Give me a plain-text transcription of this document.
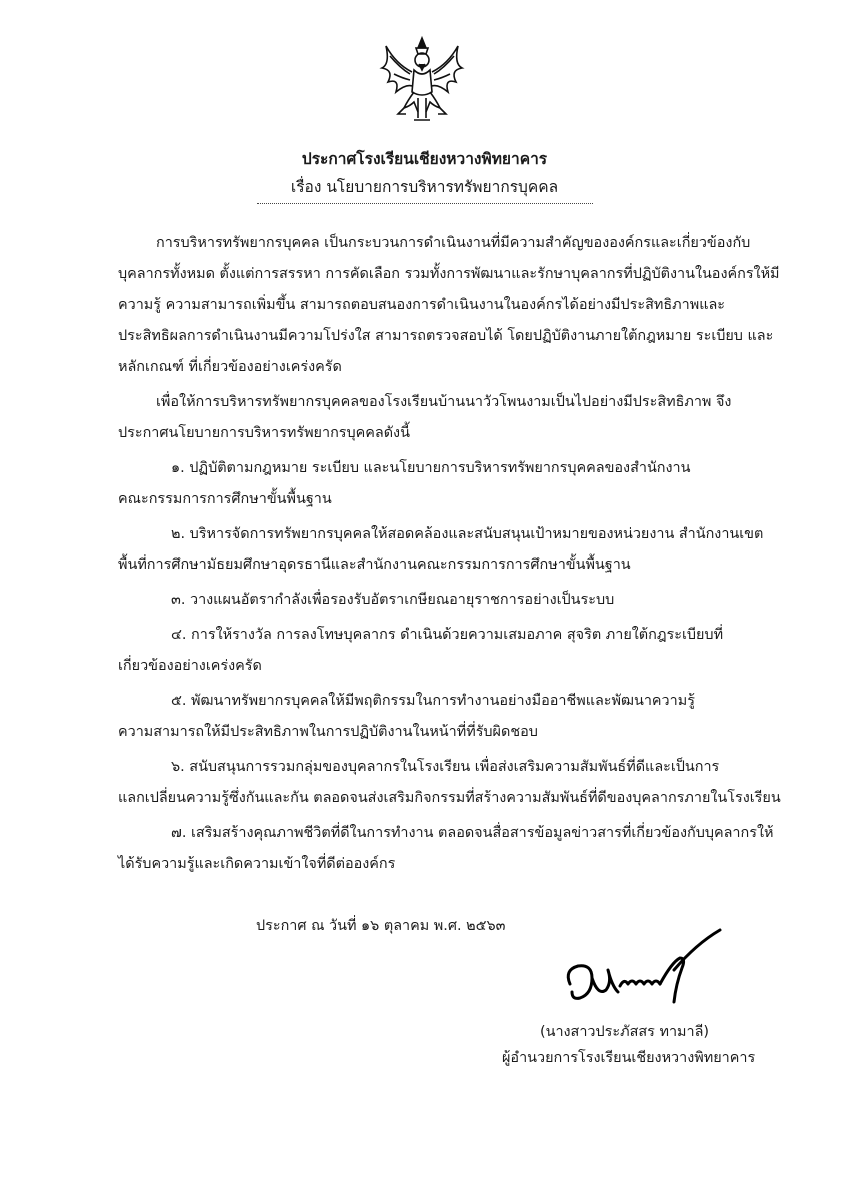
ประกาศโรงเรียนเชียงหวางพิทยาคาร
เรื่อง นโยบายการบริหารทรัพยากรบุคคล
การบริหารทรัพยากรบุคคล เป็นกระบวนการดำเนินงานที่มีความสำคัญขององค์กรและเกี่ยวข้องกับ
บุคลากรทั้งหมด ตั้งแต่การสรรหา การคัดเลือก รวมทั้งการพัฒนาและรักษาบุคลากรที่ปฏิบัติงานในองค์กรให้มี
ความรู้ ความสามารถเพิ่มขึ้น สามารถตอบสนองการดำเนินงานในองค์กรได้อย่างมีประสิทธิภาพและ
ประสิทธิผลการดำเนินงานมีความโปร่งใส สามารถตรวจสอบได้ โดยปฏิบัติงานภายใต้กฎหมาย ระเบียบ และ
หลักเกณฑ์ ที่เกี่ยวข้องอย่างเคร่งครัด
เพื่อให้การบริหารทรัพยากรบุคคลของโรงเรียนบ้านนาวัวโพนงามเป็นไปอย่างมีประสิทธิภาพ จึง
ประกาศนโยบายการบริหารทรัพยากรบุคคลดังนี้
๑. ปฏิบัติตามกฎหมาย ระเบียบ และนโยบายการบริหารทรัพยากรบุคคลของสำนักงาน
คณะกรรมการการศึกษาขั้นพื้นฐาน
๒. บริหารจัดการทรัพยากรบุคคลให้สอดคล้องและสนับสนุนเป้าหมายของหน่วยงาน สำนักงานเขต
พื้นที่การศึกษามัธยมศึกษาอุดรธานีและสำนักงานคณะกรรมการการศึกษาขั้นพื้นฐาน
๓. วางแผนอัตรากำลังเพื่อรองรับอัตราเกษียณอายุราชการอย่างเป็นระบบ
๔. การให้รางวัล การลงโทษบุคลากร ดำเนินด้วยความเสมอภาค สุจริต ภายใต้กฎระเบียบที่
เกี่ยวข้องอย่างเคร่งครัด
๕. พัฒนาทรัพยากรบุคคลให้มีพฤติกรรมในการทำงานอย่างมืออาชีพและพัฒนาความรู้
ความสามารถให้มีประสิทธิภาพในการปฏิบัติงานในหน้าที่ที่รับผิดชอบ
๖. สนับสนุนการรวมกลุ่มของบุคลากรในโรงเรียน เพื่อส่งเสริมความสัมพันธ์ที่ดีและเป็นการ
แลกเปลี่ยนความรู้ซึ่งกันและกัน ตลอดจนส่งเสริมกิจกรรมที่สร้างความสัมพันธ์ที่ดีของบุคลากรภายในโรงเรียน
๗. เสริมสร้างคุณภาพชีวิตที่ดีในการทำงาน ตลอดจนสื่อสารข้อมูลข่าวสารที่เกี่ยวข้องกับบุคลากรให้
ได้รับความรู้และเกิดความเข้าใจที่ดีต่อองค์กร
ประกาศ ณ วันที่ ๑๖ ตุลาคม พ.ศ. ๒๕๖๓
(นางสาวประภัสสร ทามาลี)
ผู้อำนวยการโรงเรียนเชียงหวางพิทยาคาร
